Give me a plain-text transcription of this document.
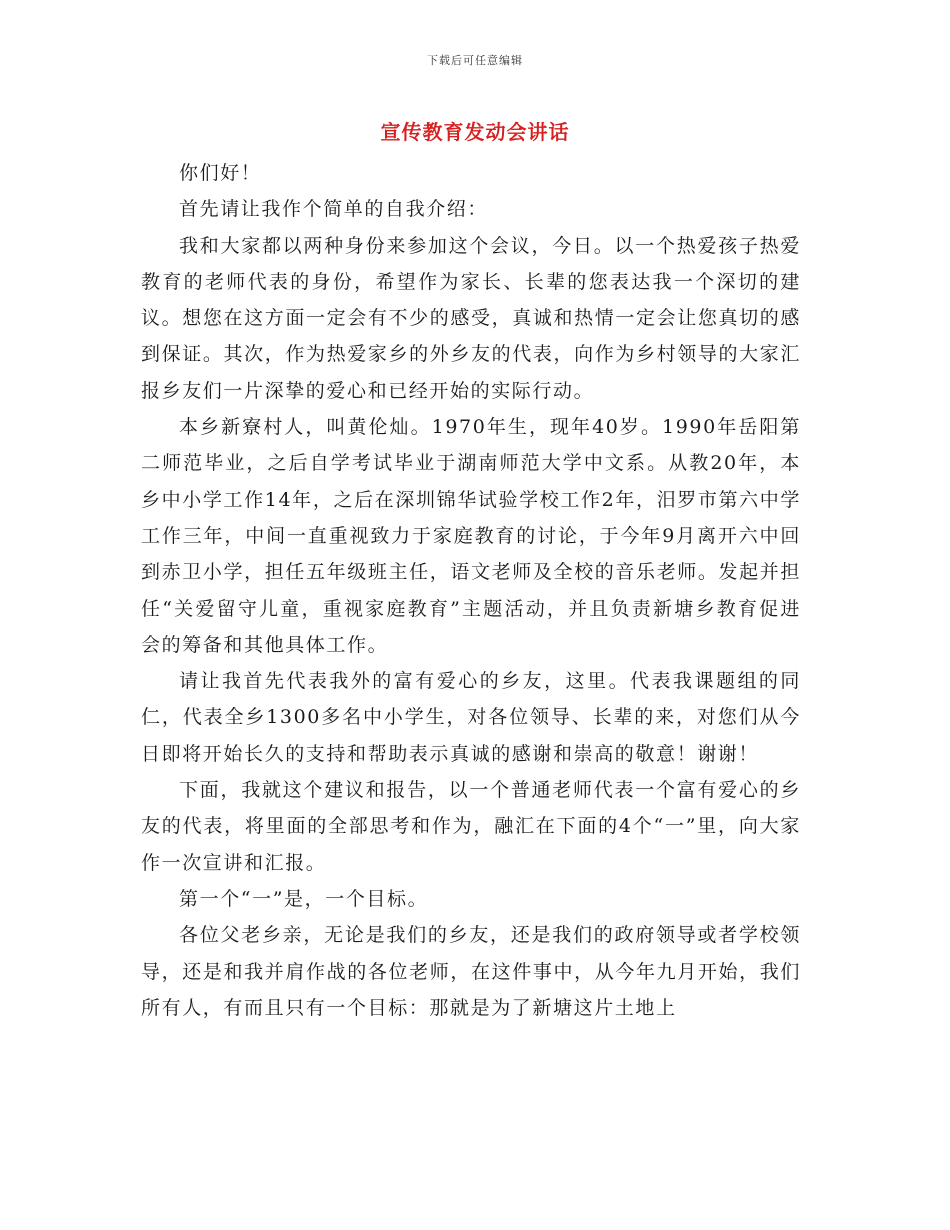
下载后可任意编辑
宣传教育发动会讲话

你们好！

首先请让我作个简单的自我介绍：

我和大家都以两种身份来参加这个会议，今日。以一个热爱孩子热爱教育的老师代表的身份，希望作为家长、长辈的您表达我一个深切的建议。想您在这方面一定会有不少的感受，真诚和热情一定会让您真切的感到保证。其次，作为热爱家乡的外乡友的代表，向作为乡村领导的大家汇报乡友们一片深挚的爱心和已经开始的实际行动。

本乡新寮村人，叫黄伦灿。1970年生，现年40岁。1990年岳阳第二师范毕业，之后自学考试毕业于湖南师范大学中文系。从教20年，本乡中小学工作14年，之后在深圳锦华试验学校工作2年，汨罗市第六中学工作三年，中间一直重视致力于家庭教育的讨论，于今年9月离开六中回到赤卫小学，担任五年级班主任，语文老师及全校的音乐老师。发起并担任“关爱留守儿童，重视家庭教育”主题活动，并且负责新塘乡教育促进会的筹备和其他具体工作。

请让我首先代表我外的富有爱心的乡友，这里。代表我课题组的同仁，代表全乡1300多名中小学生，对各位领导、长辈的来，对您们从今日即将开始长久的支持和帮助表示真诚的感谢和崇高的敬意！谢谢！

下面，我就这个建议和报告，以一个普通老师代表一个富有爱心的乡友的代表，将里面的全部思考和作为，融汇在下面的4个“一”里，向大家作一次宣讲和汇报。

第一个“一”是，一个目标。

各位父老乡亲，无论是我们的乡友，还是我们的政府领导或者学校领导，还是和我并肩作战的各位老师，在这件事中，从今年九月开始，我们所有人，有而且只有一个目标：那就是为了新塘这片土地上
